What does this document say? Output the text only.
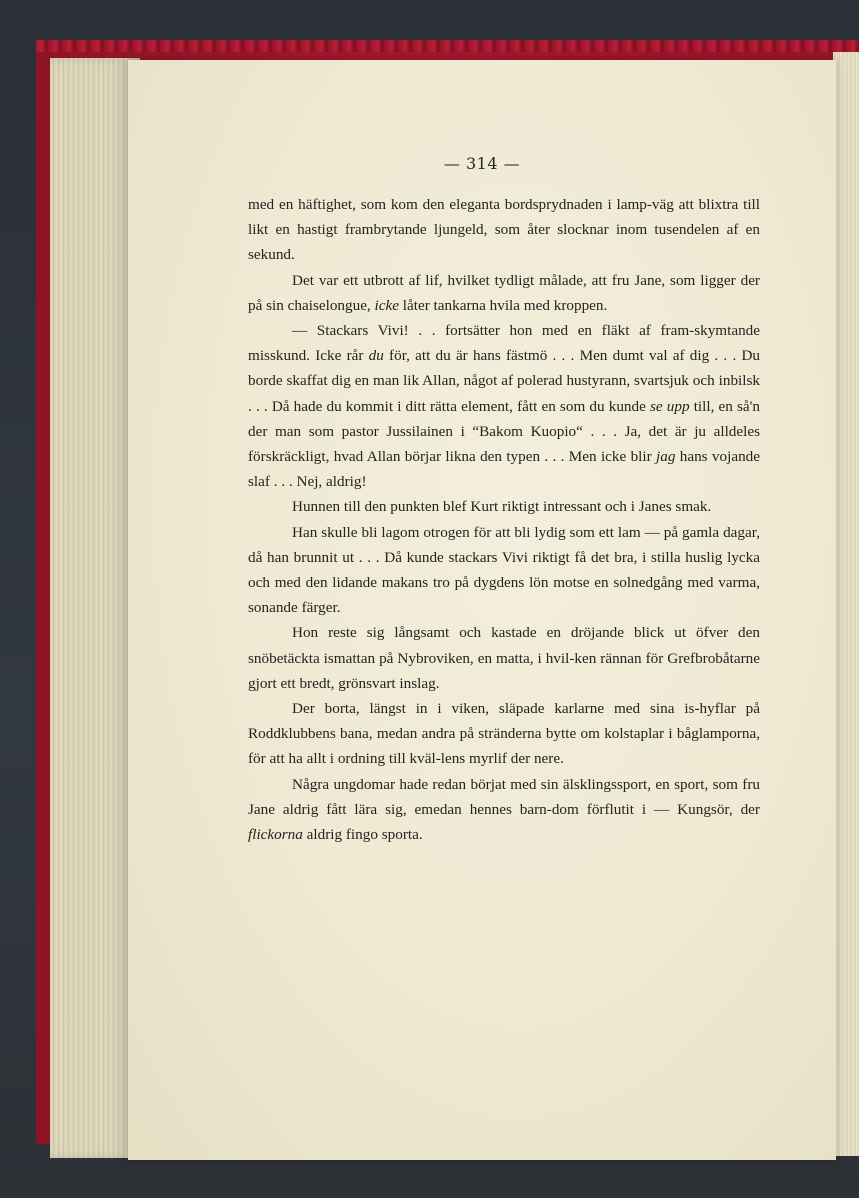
— 314 —

med en häftighet, som kom den eleganta bordsprydnaden i lamp-väg att blixtra till likt en hastigt frambrytande ljungeld, som åter slocknar inom tusendelen af en sekund.

Det var ett utbrott af lif, hvilket tydligt målade, att fru Jane, som ligger der på sin chaiselongue, icke låter tankarna hvila med kroppen.

— Stackars Vivi! . . fortsätter hon med en fläkt af fram-skymtande misskund. Icke rår du för, att du är hans fästmö . . . Men dumt val af dig . . . Du borde skaffat dig en man lik Allan, något af polerad hustyrann, svartsjuk och inbilsk . . . Då hade du kommit i ditt rätta element, fått en som du kunde se upp till, en så'n der man som pastor Jussilainen i “Bakom Kuopio“ . . . Ja, det är ju alldeles förskräckligt, hvad Allan börjar likna den typen . . . Men icke blir jag hans vojande slaf . . . Nej, aldrig!

Hunnen till den punkten blef Kurt riktigt intressant och i Janes smak.

Han skulle bli lagom otrogen för att bli lydig som ett lam — på gamla dagar, då han brunnit ut . . . Då kunde stackars Vivi riktigt få det bra, i stilla huslig lycka och med den lidande makans tro på dygdens lön motse en solnedgång med varma, sonande färger.

Hon reste sig långsamt och kastade en dröjande blick ut öfver den snöbetäckta ismattan på Nybroviken, en matta, i hvil-ken rännan för Grefbrobåtarne gjort ett bredt, grönsvart inslag.

Der borta, längst in i viken, släpade karlarne med sina is-hyflar på Roddklubbens bana, medan andra på stränderna bytte om kolstaplar i båglamporna, för att ha allt i ordning till kväl-lens myrlif der nere.

Några ungdomar hade redan börjat med sin älsklingssport, en sport, som fru Jane aldrig fått lära sig, emedan hennes barn-dom förflutit i — Kungsör, der flickorna aldrig fingo sporta.
